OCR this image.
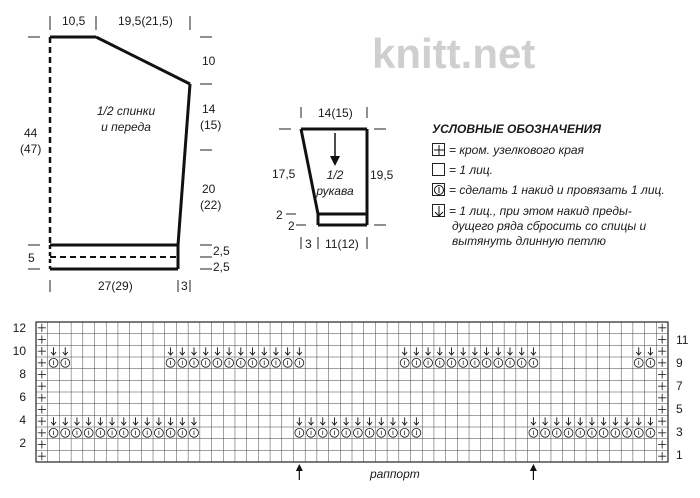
knitt.net
10,5	19,5(21,5)
10
14
(15)
20
(22)
44
(47)
5	2,5
2,5
27(29)	3
1/2 спинки
и переда
14(15)
1/2
рукава
17,5	19,5
2
2
3 11(12)
УСЛОВНЫЕ ОБОЗНАЧЕНИЯ
= кром. узелкового края
= 1 лиц.
= сделать 1 накид и провязать 1 лиц.
= 1 лиц., при этом накид преды-
дущего ряда сбросить со спицы и
вытянуть длинную петлю
12
10
8
6
4
2
11
9
7
5
3
1
раппорт
